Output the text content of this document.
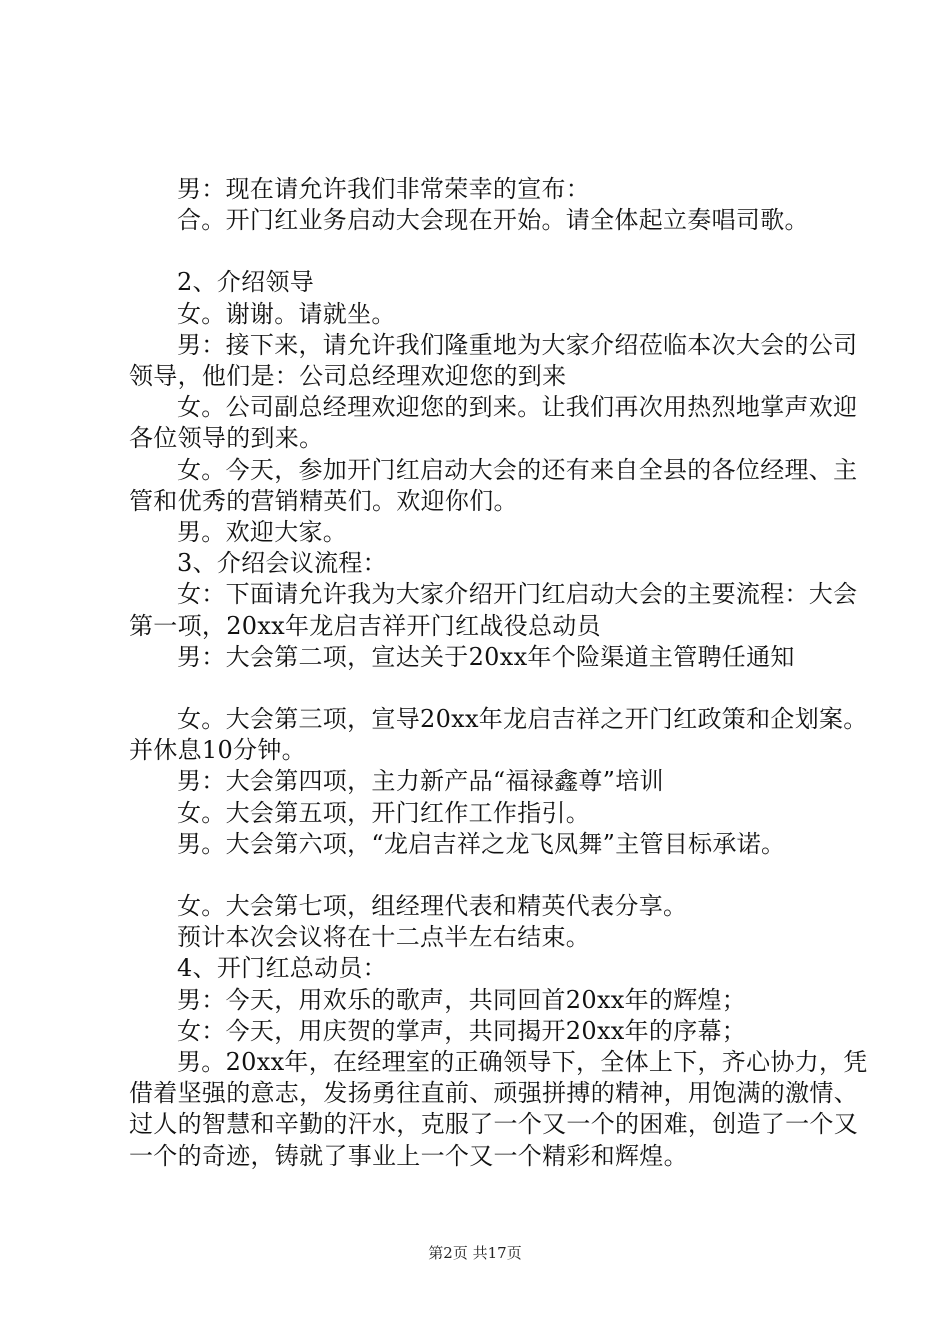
男：现在请允许我们非常荣幸的宣布：

合。开门红业务启动大会现在开始。请全体起立奏唱司歌。

2、介绍领导

女。谢谢。请就坐。

男：接下来，请允许我们隆重地为大家介绍莅临本次大会的公司领导，他们是：公司总经理欢迎您的到来

女。公司副总经理欢迎您的到来。让我们再次用热烈地掌声欢迎各位领导的到来。

女。今天，参加开门红启动大会的还有来自全县的各位经理、主管和优秀的营销精英们。欢迎你们。

男。欢迎大家。

3、介绍会议流程：

女：下面请允许我为大家介绍开门红启动大会的主要流程：大会第一项，20xx年龙启吉祥开门红战役总动员

男：大会第二项，宣达关于20xx年个险渠道主管聘任通知

女。大会第三项，宣导20xx年龙启吉祥之开门红政策和企划案。并休息10分钟。

男：大会第四项，主力新产品“福禄鑫尊”培训

女。大会第五项，开门红作工作指引。

男。大会第六项，“龙启吉祥之龙飞凤舞”主管目标承诺。

女。大会第七项，组经理代表和精英代表分享。

预计本次会议将在十二点半左右结束。

4、开门红总动员：

男：今天，用欢乐的歌声，共同回首20xx年的辉煌；

女：今天，用庆贺的掌声，共同揭开20xx年的序幕；

男。20xx年，在经理室的正确领导下，全体上下，齐心协力，凭借着坚强的意志，发扬勇往直前、顽强拼搏的精神，用饱满的激情、过人的智慧和辛勤的汗水，克服了一个又一个的困难，创造了一个又一个的奇迹，铸就了事业上一个又一个精彩和辉煌。

第2页 共17页
